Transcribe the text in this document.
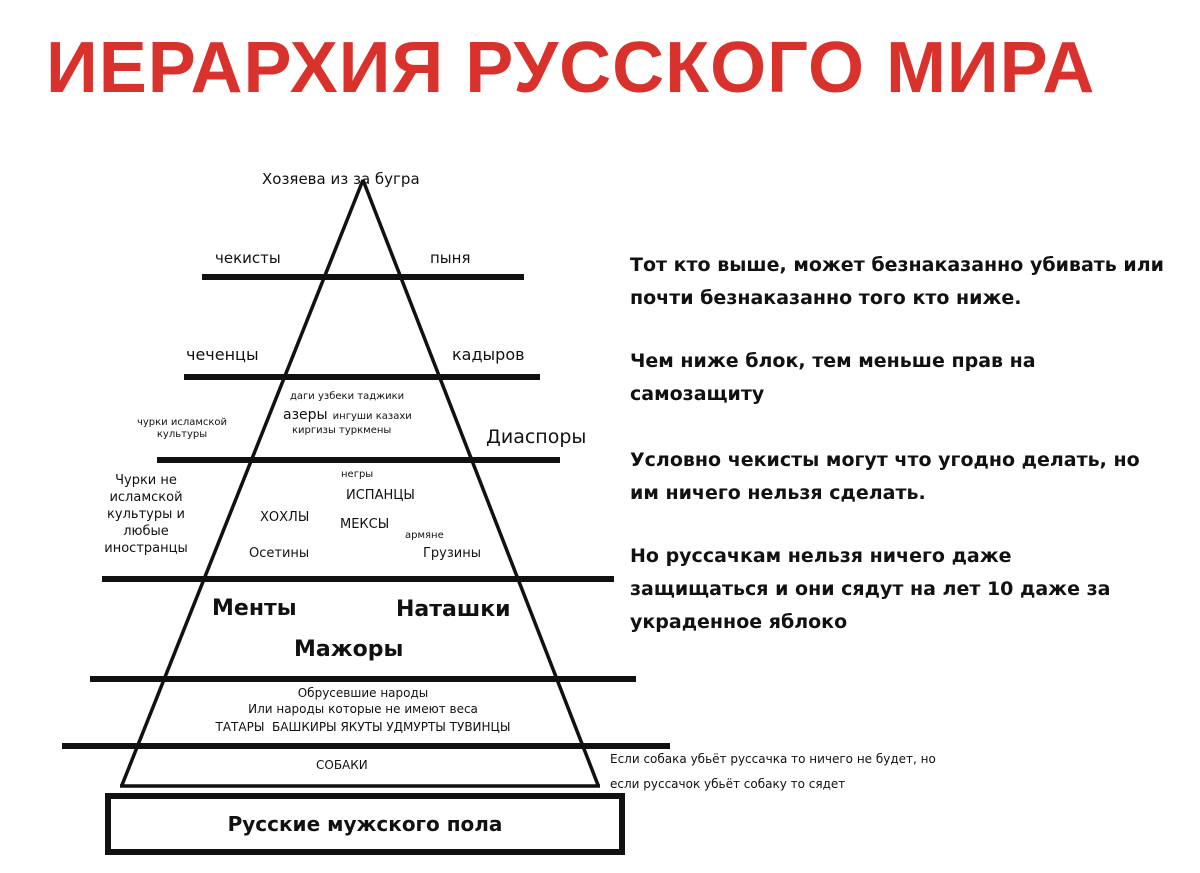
ИЕРАРХИЯ РУССКОГО МИРА
Хозяева из за бугра
чекисты	пыня
чеченцы	кадыров
чурки исламской культуры
даги узбеки таджики
азеры ингуши казахи
киргизы туркмены	Диаспоры
Чурки не исламской культуры и любые иностранцы
негры
ИСПАНЦЫ
ХОХЛЫ МЕКСЫ
армяне
Осетины	Грузины
Менты	Наташки
Мажоры
Обрусевшие народы
Или народы которые не имеют веса
ТАТАРЫ  БАШКИРЫ ЯКУТЫ УДМУРТЫ ТУВИНЦЫ
СОБАКИ
Русские мужского пола
Тот кто выше, может безнаказанно убивать или почти безнаказанно того кто ниже.
Чем ниже блок, тем меньше прав на самозащиту
Условно чекисты могут что угодно делать, но им ничего нельзя сделать.
Но руссачкам нельзя ничего даже защищаться и они сядут на лет 10 даже за украденное яблоко
Если собака убьёт руссачка то ничего не будет, но
если руссачок убьёт собаку то сядет
